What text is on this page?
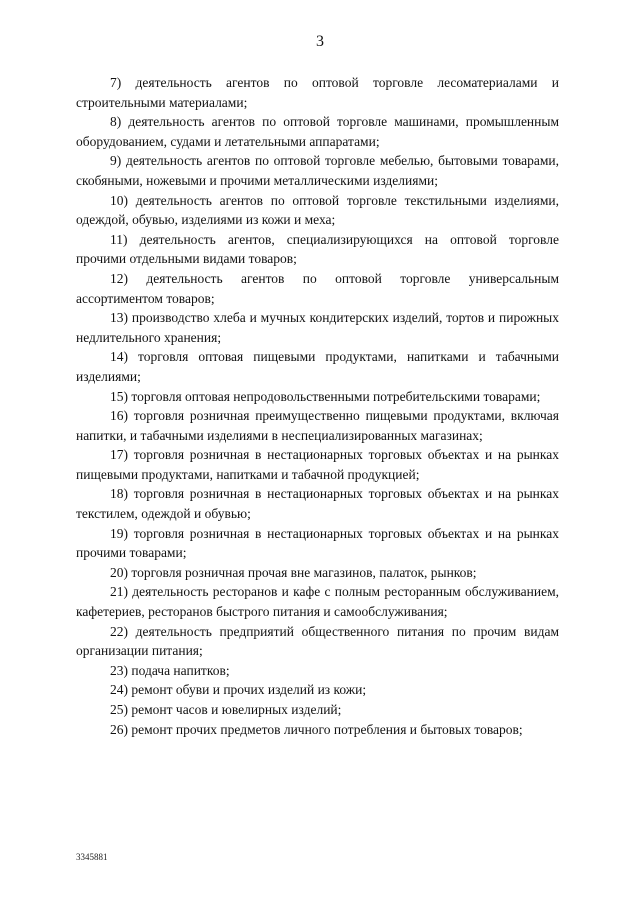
3

7) деятельность агентов по оптовой торговле лесоматериалами и строительными материалами;

8) деятельность агентов по оптовой торговле машинами, промышленным оборудованием, судами и летательными аппаратами;

9) деятельность агентов по оптовой торговле мебелью, бытовыми товарами, скобяными, ножевыми и прочими металлическими изделиями;

10) деятельность агентов по оптовой торговле текстильными изделиями, одеждой, обувью, изделиями из кожи и меха;

11) деятельность агентов, специализирующихся на оптовой торговле прочими отдельными видами товаров;

12) деятельность агентов по оптовой торговле универсальным ассортиментом товаров;

13) производство хлеба и мучных кондитерских изделий, тортов и пирожных недлительного хранения;

14) торговля оптовая пищевыми продуктами, напитками и табачными изделиями;

15) торговля оптовая непродовольственными потребительскими товарами;

16) торговля розничная преимущественно пищевыми продуктами, включая напитки, и табачными изделиями в неспециализированных магазинах;

17) торговля розничная в нестационарных торговых объектах и на рынках пищевыми продуктами, напитками и табачной продукцией;

18) торговля розничная в нестационарных торговых объектах и на рынках текстилем, одеждой и обувью;

19) торговля розничная в нестационарных торговых объектах и на рынках прочими товарами;

20) торговля розничная прочая вне магазинов, палаток, рынков;

21) деятельность ресторанов и кафе с полным ресторанным обслуживанием, кафетериев, ресторанов быстрого питания и самообслуживания;

22) деятельность предприятий общественного питания по прочим видам организации питания;

23) подача напитков;

24) ремонт обуви и прочих изделий из кожи;

25) ремонт часов и ювелирных изделий;

26) ремонт прочих предметов личного потребления и бытовых товаров;

3345881
